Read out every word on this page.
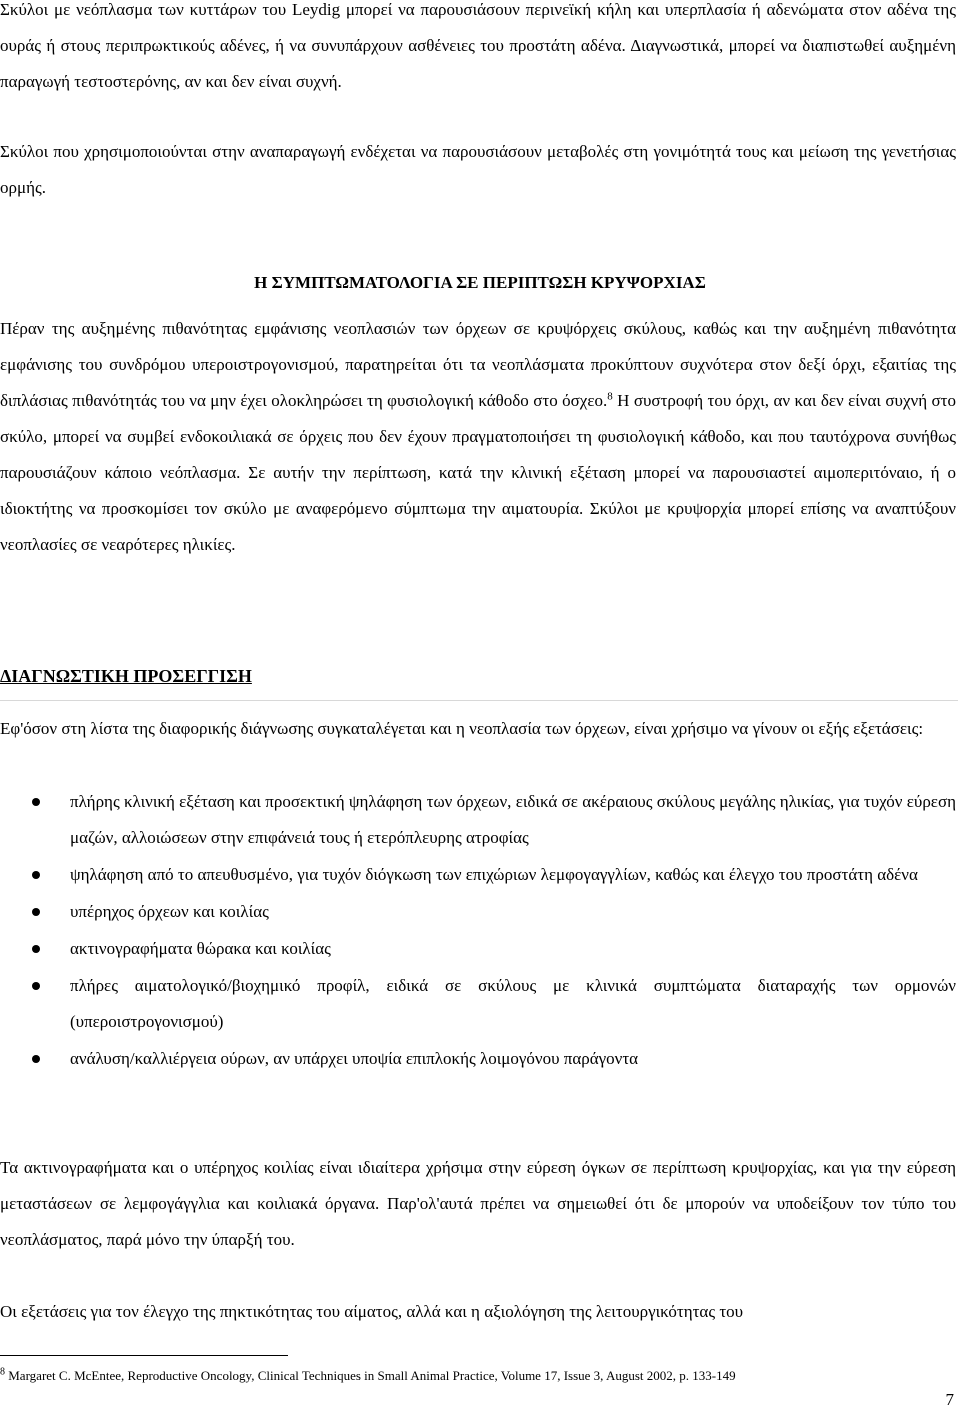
Σκύλοι με νεόπλασμα των κυττάρων του Leydig μπορεί να παρουσιάσουν περινεϊκή κήλη και υπερπλασία ή αδενώματα στον αδένα της ουράς ή στους περιπρωκτικούς αδένες, ή να συνυπάρχουν ασθένειες του προστάτη αδένα. Διαγνωστικά, μπορεί να διαπιστωθεί αυξημένη παραγωγή τεστοστερόνης, αν και δεν είναι συχνή.

Σκύλοι που χρησιμοποιούνται στην αναπαραγωγή ενδέχεται να παρουσιάσουν μεταβολές στη γονιμότητά τους και μείωση της γενετήσιας ορμής.

Η ΣΥΜΠΤΩΜΑΤΟΛΟΓΙΑ ΣΕ ΠΕΡΙΠΤΩΣΗ ΚΡΥΨΟΡΧΙΑΣ

Πέραν της αυξημένης πιθανότητας εμφάνισης νεοπλασιών των όρχεων σε κρυψόρχεις σκύλους, καθώς και την αυξημένη πιθανότητα εμφάνισης του συνδρόμου υπεροιστρογονισμού, παρατηρείται ότι τα νεοπλάσματα προκύπτουν συχνότερα στον δεξί όρχι, εξαιτίας της διπλάσιας πιθανότητάς του να μην έχει ολοκληρώσει τη φυσιολογική κάθοδο στο όσχεο.$^8$ Η συστροφή του όρχι, αν και δεν είναι συχνή στο σκύλο, μπορεί να συμβεί ενδοκοιλιακά σε όρχεις που δεν έχουν πραγματοποιήσει τη φυσιολογική κάθοδο, και που ταυτόχρονα συνήθως παρουσιάζουν κάποιο νεόπλασμα. Σε αυτήν την περίπτωση, κατά την κλινική εξέταση μπορεί να παρουσιαστεί αιμοπεριτόναιο, ή ο ιδιοκτήτης να προσκομίσει τον σκύλο με αναφερόμενο σύμπτωμα την αιματουρία. Σκύλοι με κρυψορχία μπορεί επίσης να αναπτύξουν νεοπλασίες σε νεαρότερες ηλικίες.

ΔΙΑΓΝΩΣΤΙΚΗ ΠΡΟΣΕΓΓΙΣΗ

Εφ'όσον στη λίστα της διαφορικής διάγνωσης συγκαταλέγεται και η νεοπλασία των όρχεων, είναι χρήσιμο να γίνουν οι εξής εξετάσεις:

πλήρης κλινική εξέταση και προσεκτική ψηλάφηση των όρχεων, ειδικά σε ακέραιους σκύλους μεγάλης ηλικίας, για τυχόν εύρεση μαζών, αλλοιώσεων στην επιφάνειά τους ή ετερόπλευρης ατροφίας
ψηλάφηση από το απευθυσμένο, για τυχόν διόγκωση των επιχώριων λεμφογαγγλίων, καθώς και έλεγχο του προστάτη αδένα
υπέρηχος όρχεων και κοιλίας
ακτινογραφήματα θώρακα και κοιλίας
πλήρες αιματολογικό/βιοχημικό προφίλ, ειδικά σε σκύλους με κλινικά συμπτώματα διαταραχής των ορμονών (υπεροιστρογονισμού)
ανάλυση/καλλιέργεια ούρων, αν υπάρχει υποψία επιπλοκής λοιμογόνου παράγοντα

Τα ακτινογραφήματα και ο υπέρηχος κοιλίας είναι ιδιαίτερα χρήσιμα στην εύρεση όγκων σε περίπτωση κρυψορχίας, και για την εύρεση μεταστάσεων σε λεμφογάγγλια και κοιλιακά όργανα. Παρ'ολ'αυτά πρέπει να σημειωθεί ότι δε μπορούν να υποδείξουν τον τύπο του νεοπλάσματος, παρά μόνο την ύπαρξή του.

Οι εξετάσεις για τον έλεγχο της πηκτικότητας του αίματος, αλλά και η αξιολόγηση της λειτουργικότητας του

$^8$ Margaret C. McEntee, Reproductive Oncology, Clinical Techniques in Small Animal Practice, Volume 17, Issue 3, August 2002, p. 133-149

7
